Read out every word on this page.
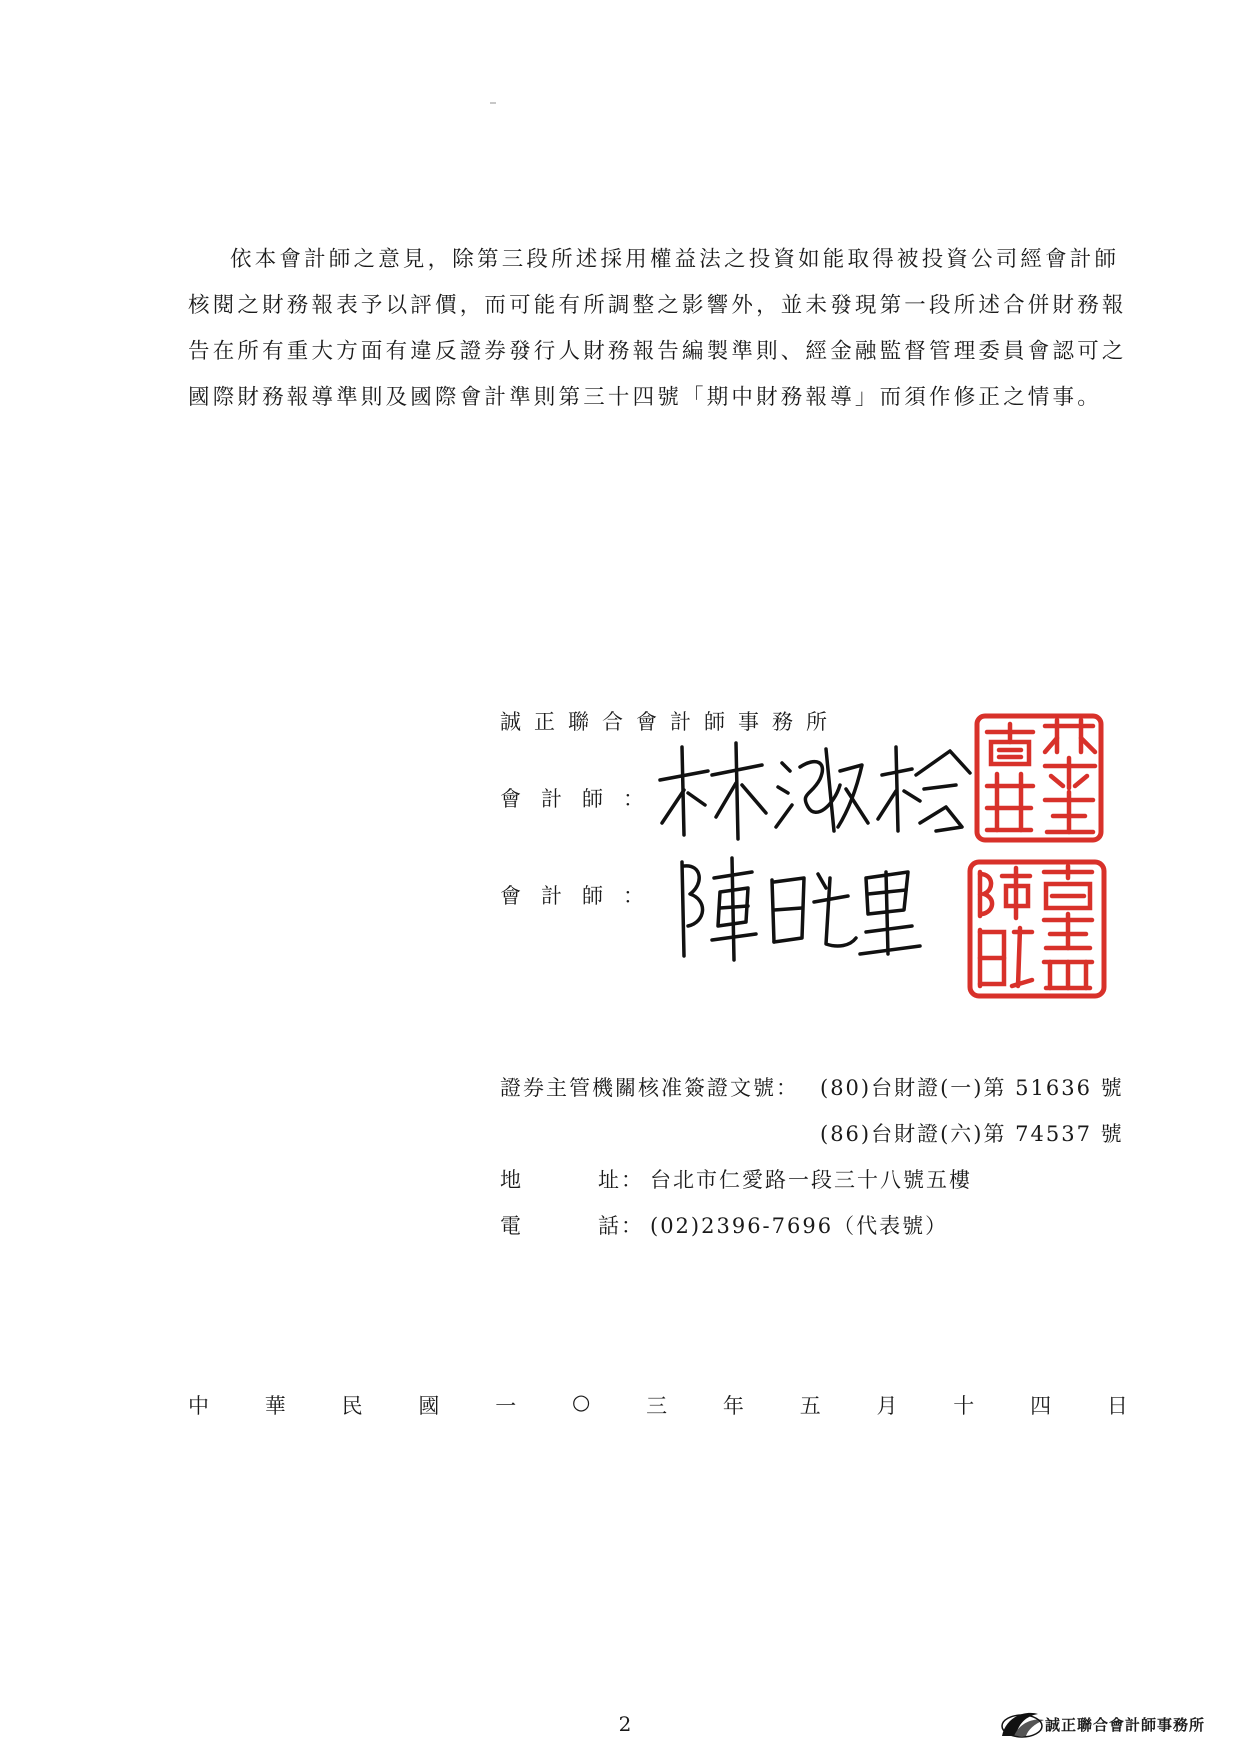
依本會計師之意見，除第三段所述採用權益法之投資如能取得被投資公司經會計師
核閱之財務報表予以評價，而可能有所調整之影響外，並未發現第一段所述合併財務報
告在所有重大方面有違反證券發行人財務報告編製準則、經金融監督管理委員會認可之
國際財務報導準則及國際會計準則第三十四號「期中財務報導」而須作修正之情事。
誠正聯合會計師事務所
會計師：
會計師：
證券主管機關核准簽證文號： (80)台財證(一)第 51636 號
(86)台財證(六)第 74537 號
地	址： 台北市仁愛路一段三十八號五樓
電	話： (02)2396-7696（代表號）
中	華	民	國	一	○	三	年	五	月	十	四	日
2	誠正聯合會計師事務所
